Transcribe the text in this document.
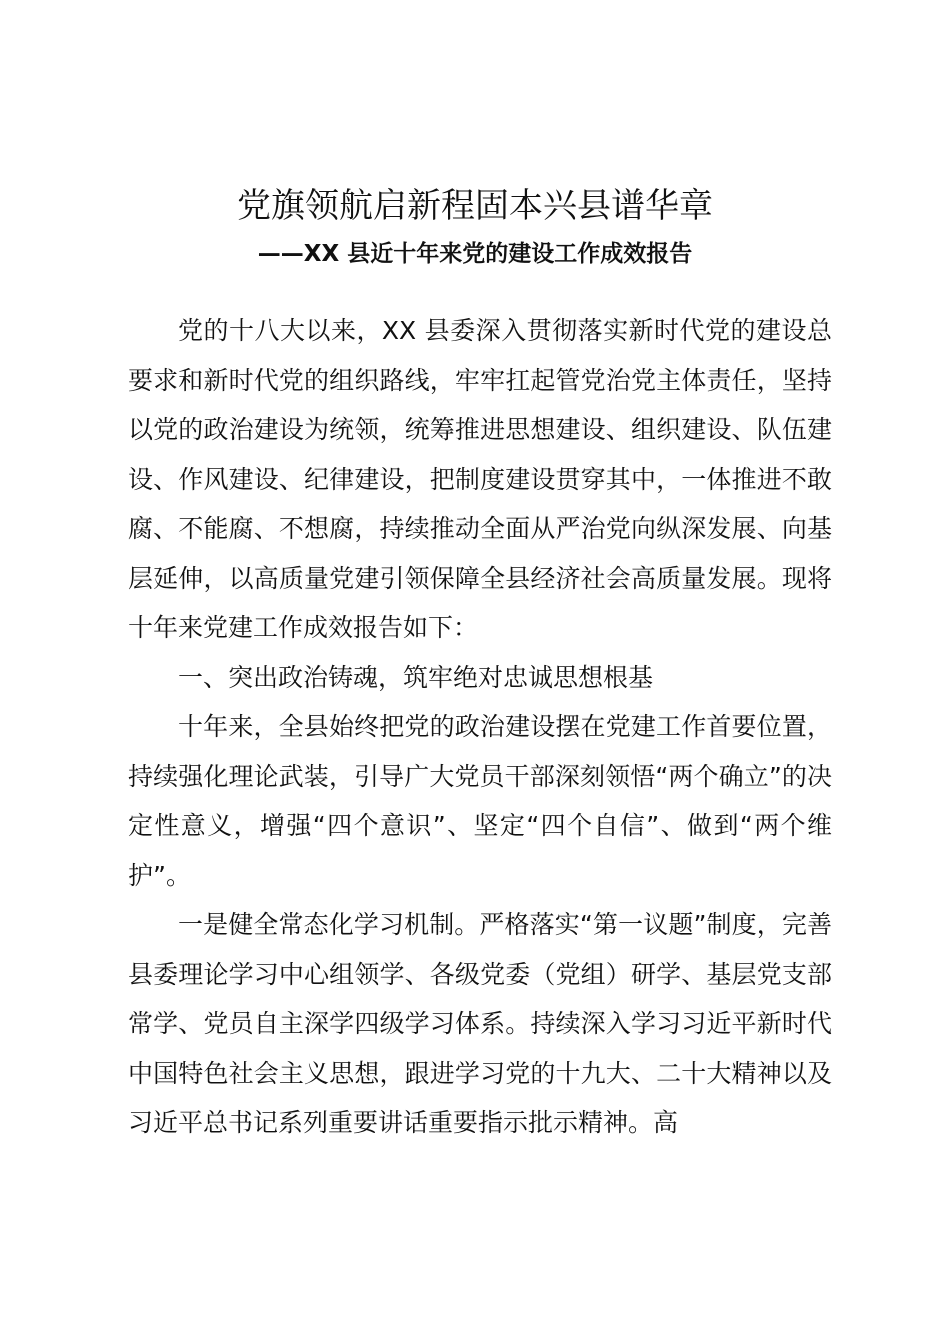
党旗领航启新程固本兴县谱华章
——XX 县近十年来党的建设工作成效报告

党的十八大以来，XX 县委深入贯彻落实新时代党的建设总要求和新时代党的组织路线，牢牢扛起管党治党主体责任，坚持以党的政治建设为统领，统筹推进思想建设、组织建设、队伍建设、作风建设、纪律建设，把制度建设贯穿其中，一体推进不敢腐、不能腐、不想腐，持续推动全面从严治党向纵深发展、向基层延伸，以高质量党建引领保障全县经济社会高质量发展。现将十年来党建工作成效报告如下：

一、突出政治铸魂，筑牢绝对忠诚思想根基

十年来，全县始终把党的政治建设摆在党建工作首要位置，持续强化理论武装，引导广大党员干部深刻领悟“两个确立”的决定性意义，增强“四个意识”、坚定“四个自信”、做到“两个维护”。

一是健全常态化学习机制。严格落实“第一议题”制度，完善县委理论学习中心组领学、各级党委（党组）研学、基层党支部常学、党员自主深学四级学习体系。持续深入学习习近平新时代中国特色社会主义思想，跟进学习党的十九大、二十大精神以及习近平总书记系列重要讲话重要指示批示精神。高
